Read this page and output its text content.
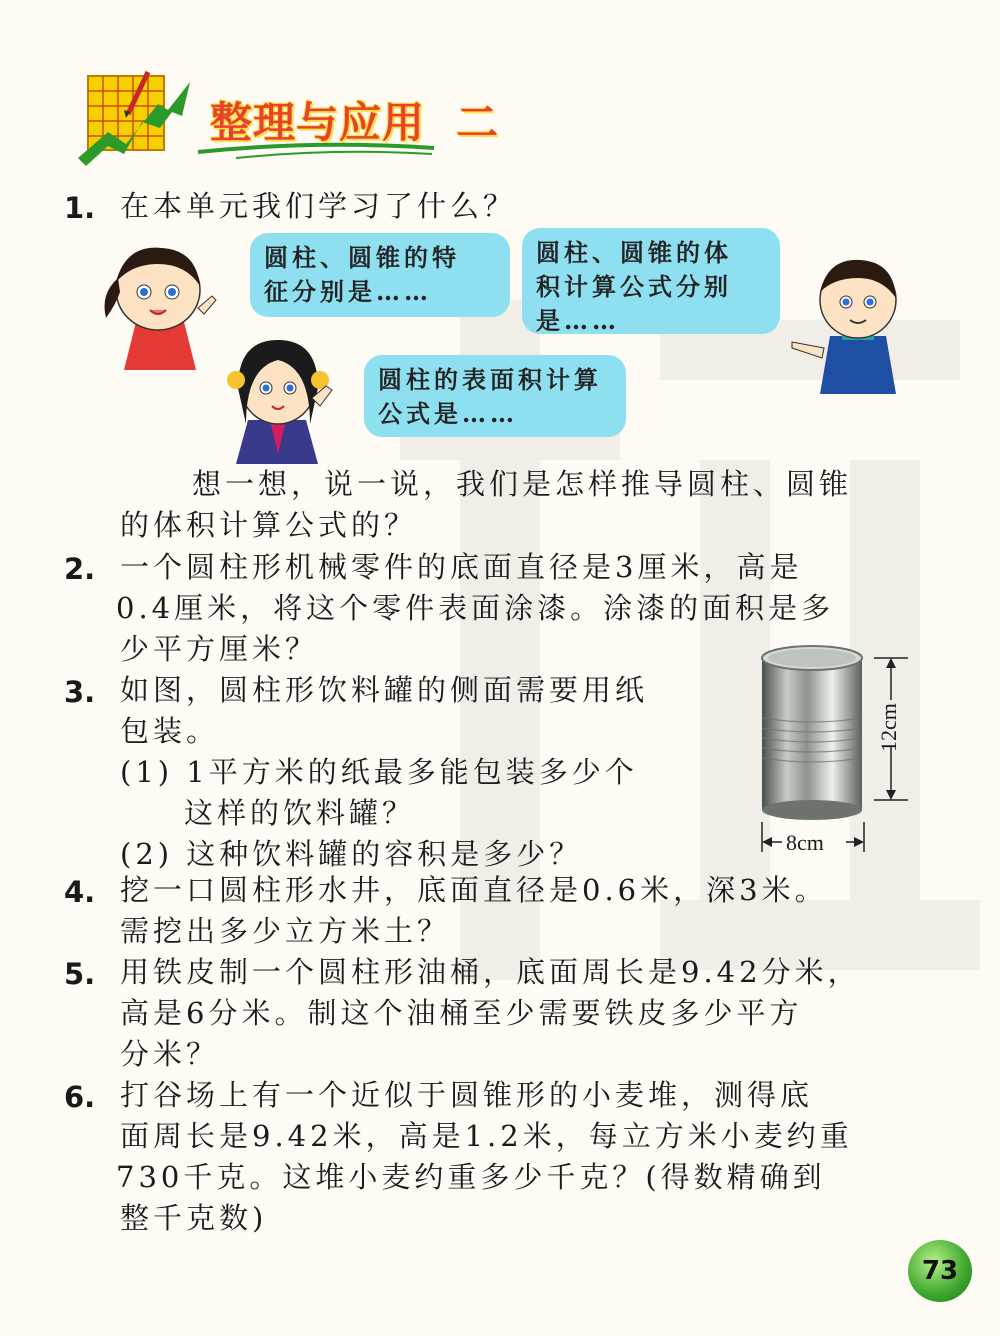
整理与应用 二
1. 在本单元我们学习了什么？
圆柱、圆锥的特
征分别是……
圆柱、圆锥的体
积计算公式分别
是……
圆柱的表面积计算
公式是……
想一想，说一说，我们是怎样推导圆柱、圆锥
的体积计算公式的？
2. 一个圆柱形机械零件的底面直径是3厘米，高是
0.4厘米，将这个零件表面涂漆。涂漆的面积是多
少平方厘米？
3. 如图，圆柱形饮料罐的侧面需要用纸
包装。
(1) 1平方米的纸最多能包装多少个
这样的饮料罐？
(2) 这种饮料罐的容积是多少？
12cm
8cm
4. 挖一口圆柱形水井，底面直径是0.6米，深3米。
需挖出多少立方米土？
5. 用铁皮制一个圆柱形油桶，底面周长是9.42分米，
高是6分米。制这个油桶至少需要铁皮多少平方
分米？
6. 打谷场上有一个近似于圆锥形的小麦堆，测得底
面周长是9.42米，高是1.2米，每立方米小麦约重
730千克。这堆小麦约重多少千克？(得数精确到
整千克数)
73
